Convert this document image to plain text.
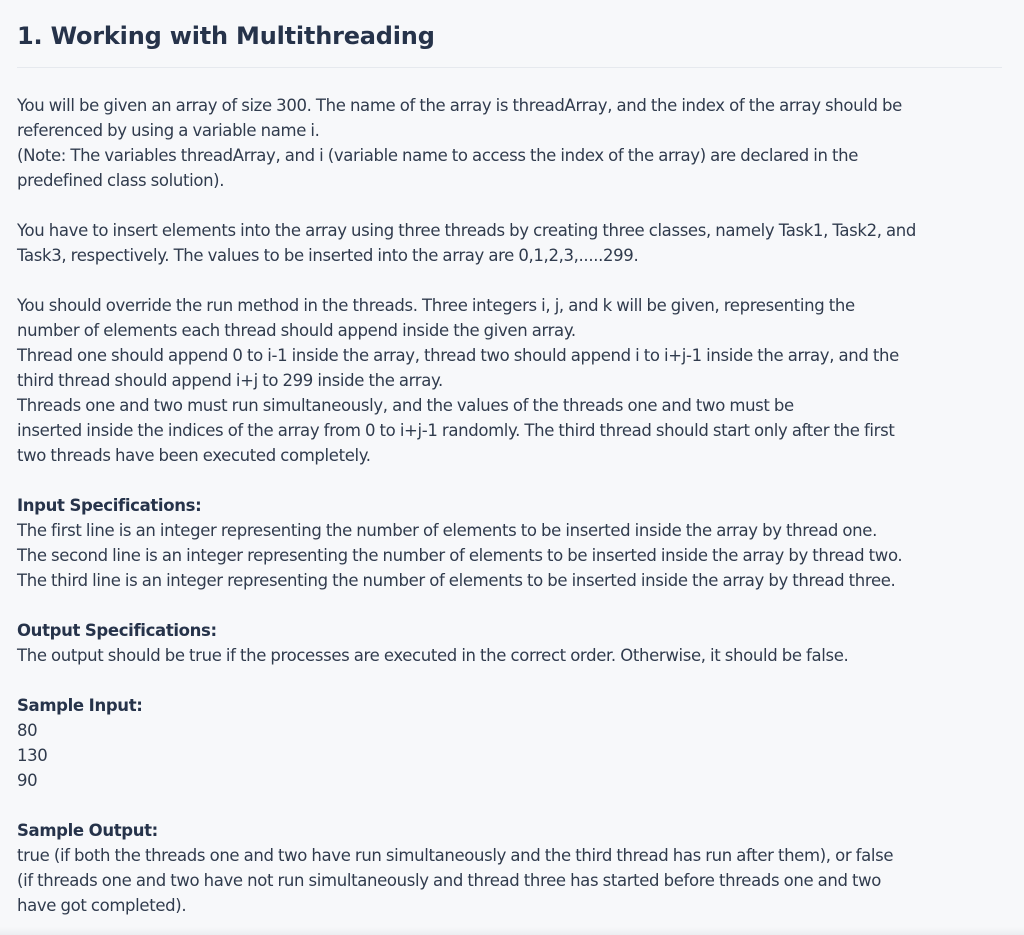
1. Working with Multithreading

You will be given an array of size 300. The name of the array is threadArray, and the index of the array should be
referenced by using a variable name i.
(Note: The variables threadArray, and i (variable name to access the index of the array) are declared in the
predefined class solution).

You have to insert elements into the array using three threads by creating three classes, namely Task1, Task2, and
Task3, respectively. The values to be inserted into the array are 0,1,2,3,.....299.

You should override the run method in the threads. Three integers i, j, and k will be given, representing the
number of elements each thread should append inside the given array.
Thread one should append 0 to i-1 inside the array, thread two should append i to i+j-1 inside the array, and the
third thread should append i+j to 299 inside the array.
Threads one and two must run simultaneously, and the values of the threads one and two must be
inserted inside the indices of the array from 0 to i+j-1 randomly. The third thread should start only after the first
two threads have been executed completely.

Input Specifications:
The first line is an integer representing the number of elements to be inserted inside the array by thread one.
The second line is an integer representing the number of elements to be inserted inside the array by thread two.
The third line is an integer representing the number of elements to be inserted inside the array by thread three.

Output Specifications:
The output should be true if the processes are executed in the correct order. Otherwise, it should be false.

Sample Input:
80
130
90

Sample Output:
true (if both the threads one and two have run simultaneously and the third thread has run after them), or false
(if threads one and two have not run simultaneously and thread three has started before threads one and two
have got completed).
